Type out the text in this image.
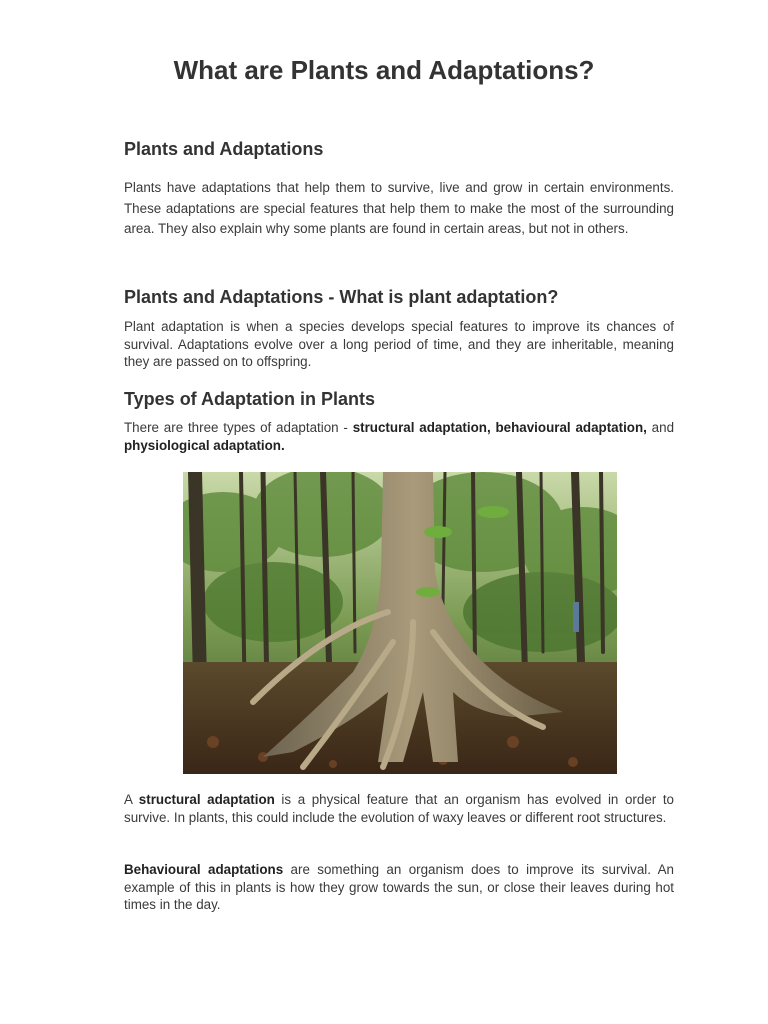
What are Plants and Adaptations?
Plants and Adaptations

Plants have adaptations that help them to survive, live and grow in certain environments. These adaptations are special features that help them to make the most of the surrounding area. They also explain why some plants are found in certain areas, but not in others.

Plants and Adaptations - What is plant adaptation?

Plant adaptation is when a species develops special features to improve its chances of survival. Adaptations evolve over a long period of time, and they are inheritable, meaning they are passed on to offspring.

Types of Adaptation in Plants

There are three types of adaptation - structural adaptation, behavioural adaptation, and physiological adaptation.

A structural adaptation is a physical feature that an organism has evolved in order to survive. In plants, this could include the evolution of waxy leaves or different root structures.

Behavioural adaptations are something an organism does to improve its survival. An example of this in plants is how they grow towards the sun, or close their leaves during hot times in the day.
